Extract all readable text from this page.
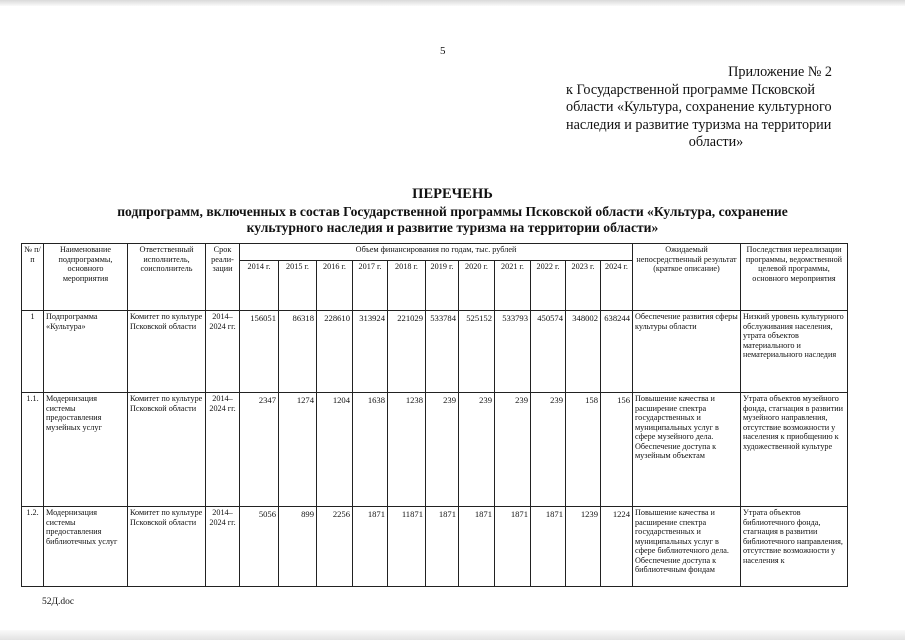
5
Приложение № 2
к Государственной программе Псковской
области «Культура, сохранение культурного
наследия и развитие туризма на территории
области»
ПЕРЕЧЕНЬ
подпрограмм, включенных в состав Государственной программы Псковской области «Культура, сохранение
культурного наследия и развитие туризма на территории области»
№ п/п	Наименование подпрограммы, основного мероприятия	Ответственный исполнитель, соисполнитель	Срок реали-зации	Объем финансирования по годам, тыс. рублей											Ожидаемый непосредственный результат (краткое описание)	Последствия нереализации программы, ведомственной целевой программы, основного мероприятия
				2014 г.	2015 г.	2016 г.	2017 г.	2018 г.	2019 г.	2020 г.	2021 г.	2022 г.	2023 г.	2024 г.		
1	Подпрограмма «Культура»	Комитет по культуре Псковской области	2014–2024 гг.	156051	86318	228610	313924	221029	533784	525152	533793	450574	348002	638244	Обеспечение развития сферы культуры области	Низкий уровень культурного обслуживания населения, утрата объектов материального и нематериального наследия
1.1.	Модернизация системы предоставления музейных услуг	Комитет по культуре Псковской области	2014–2024 гг.	2347	1274	1204	1638	1238	239	239	239	239	158	156	Повышение качества и расширение спектра государственных и муниципальных услуг в сфере музейного дела. Обеспечение доступа к музейным объектам	Утрата объектов музейного фонда, стагнация в развитии музейного направления, отсутствие возможности у населения к приобщению к художественной культуре
1.2.	Модернизация системы предоставления библиотечных услуг	Комитет по культуре Псковской области	2014–2024 гг.	5056	899	2256	1871	11871	1871	1871	1871	1871	1239	1224	Повышение качества и расширение спектра государственных и муниципальных услуг в сфере библиотечного дела. Обеспечение доступа к библиотечным фондам	Утрата объектов библиотечного фонда, стагнация в развитии библиотечного направления, отсутствие возможности у населения к
52Д.doc
